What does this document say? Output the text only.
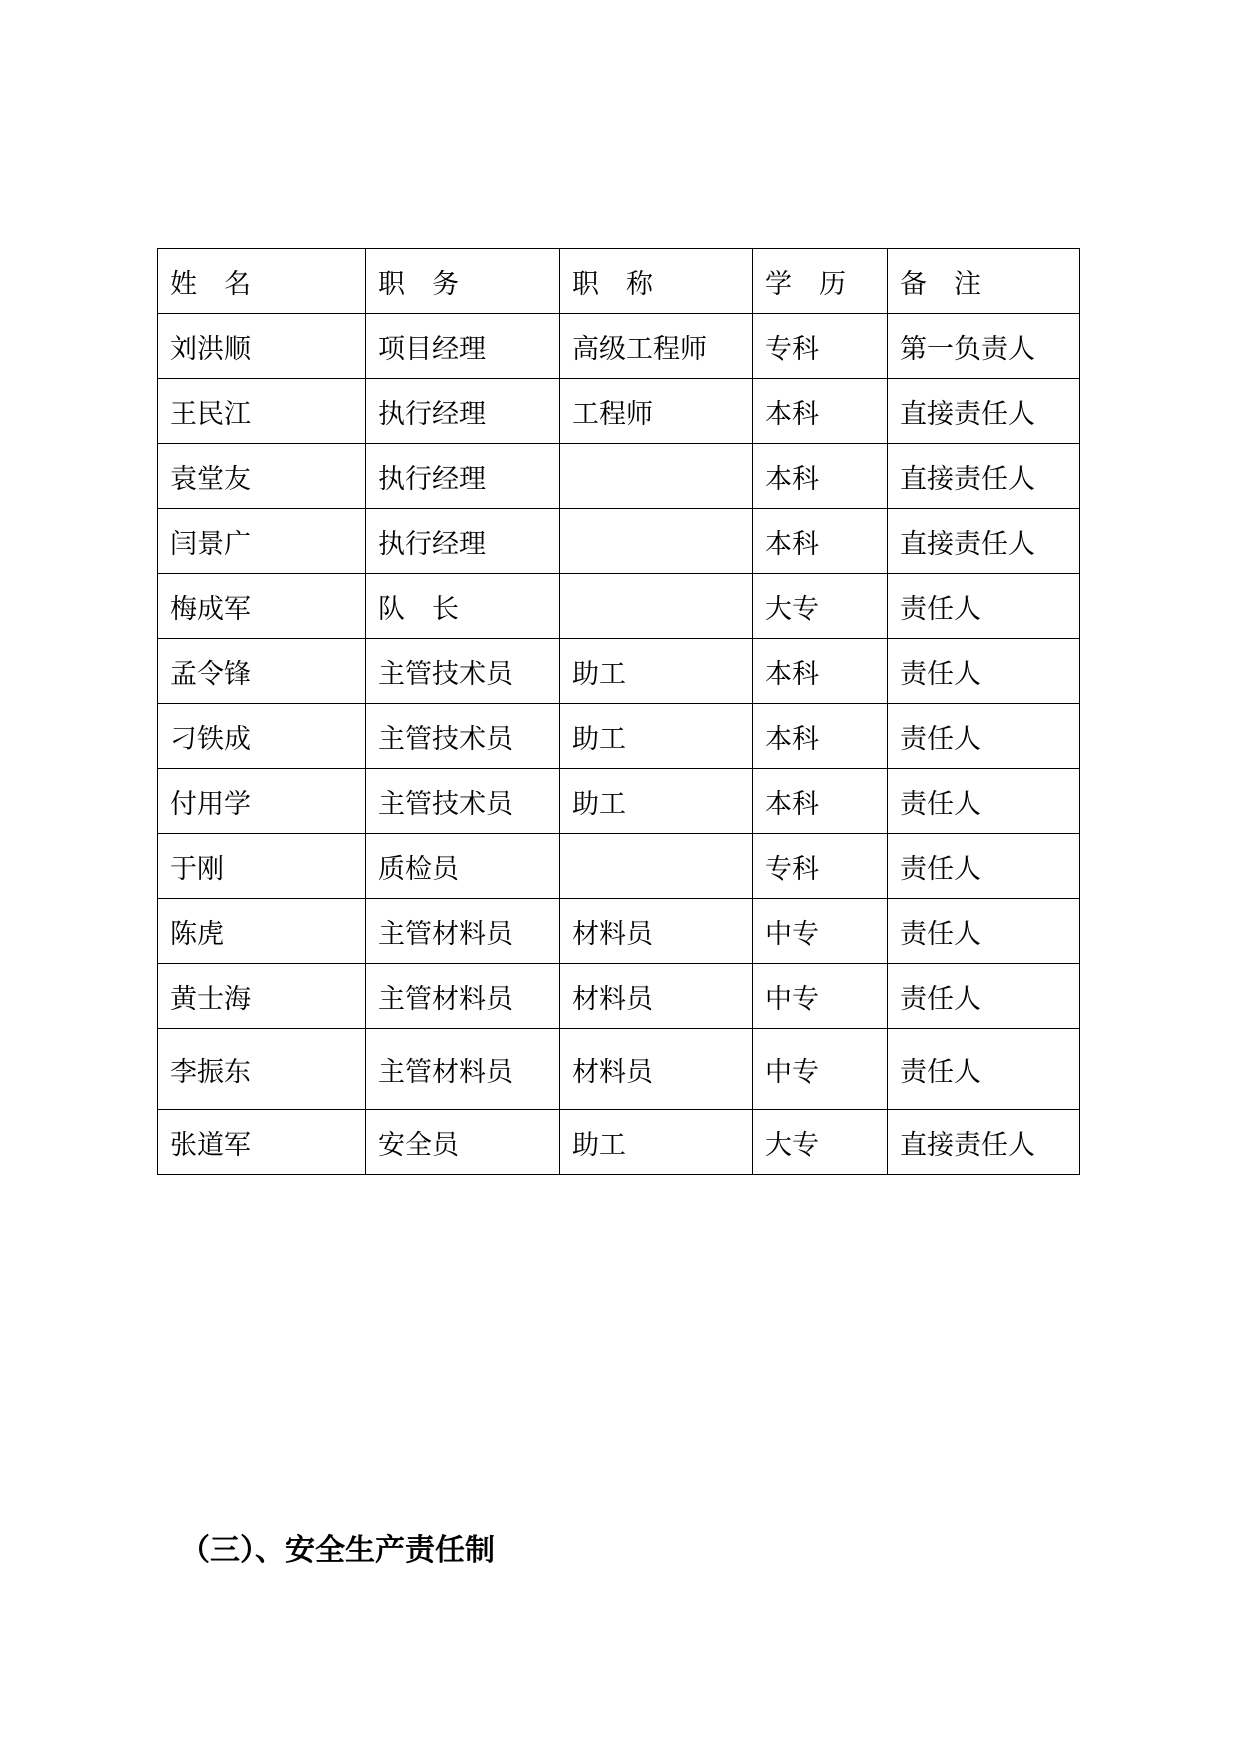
姓　名	职　务	职　称	学　历	备　注
刘洪顺	项目经理	高级工程师	专科	第一负责人
王民江	执行经理	工程师	本科	直接责任人
袁堂友	执行经理		本科	直接责任人
闫景广	执行经理		本科	直接责任人
梅成军	队　长		大专	责任人
孟令锋	主管技术员	助工	本科	责任人
刁铁成	主管技术员	助工	本科	责任人
付用学	主管技术员	助工	本科	责任人
于刚	质检员		专科	责任人
陈虎	主管材料员	材料员	中专	责任人
黄士海	主管材料员	材料员	中专	责任人
李振东	主管材料员	材料员	中专	责任人
张道军	安全员	助工	大专	直接责任人
（三）、安全生产责任制
